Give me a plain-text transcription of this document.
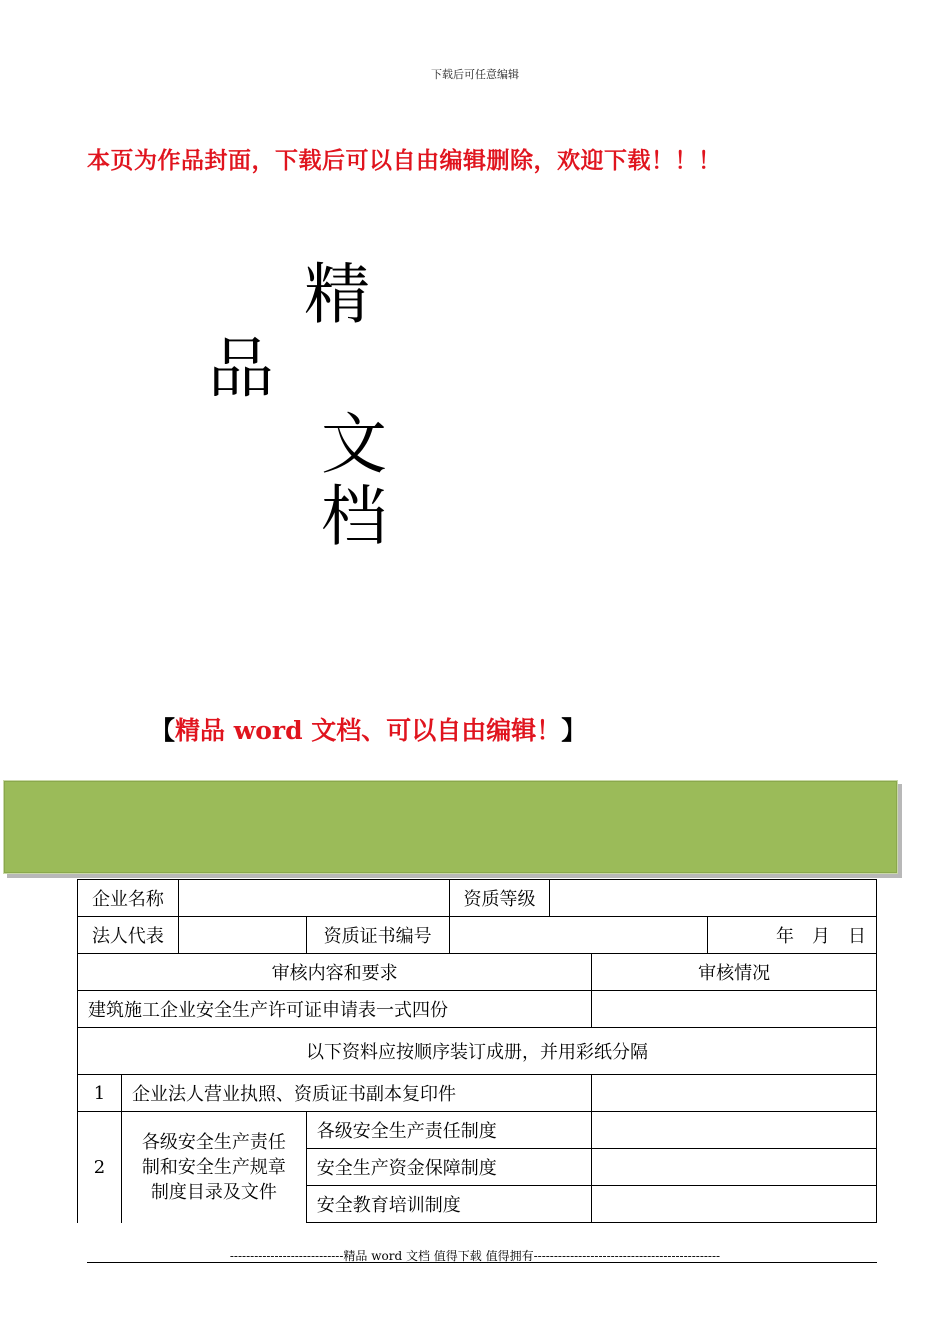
下载后可任意编辑
本页为作品封面，下载后可以自由编辑删除，欢迎下载！！！
精
品
文
档
【精品 word 文档、可以自由编辑！】
企业名称				资质等级			
法人代表			资质证书编号				年　月　日
审核内容和要求						审核情况	
建筑施工企业安全生产许可证申请表一式四份							
以下资料应按顺序装订成册，并用彩纸分隔							
1	企业法人营业执照、资质证书副本复印件						
2	各级安全生产责任制和安全生产规章制度目录及文件		各级安全生产责任制度				
			安全生产资金保障制度				
			安全教育培训制度				
----------------------------精品 word 文档 值得下载 值得拥有----------------------------------------------
